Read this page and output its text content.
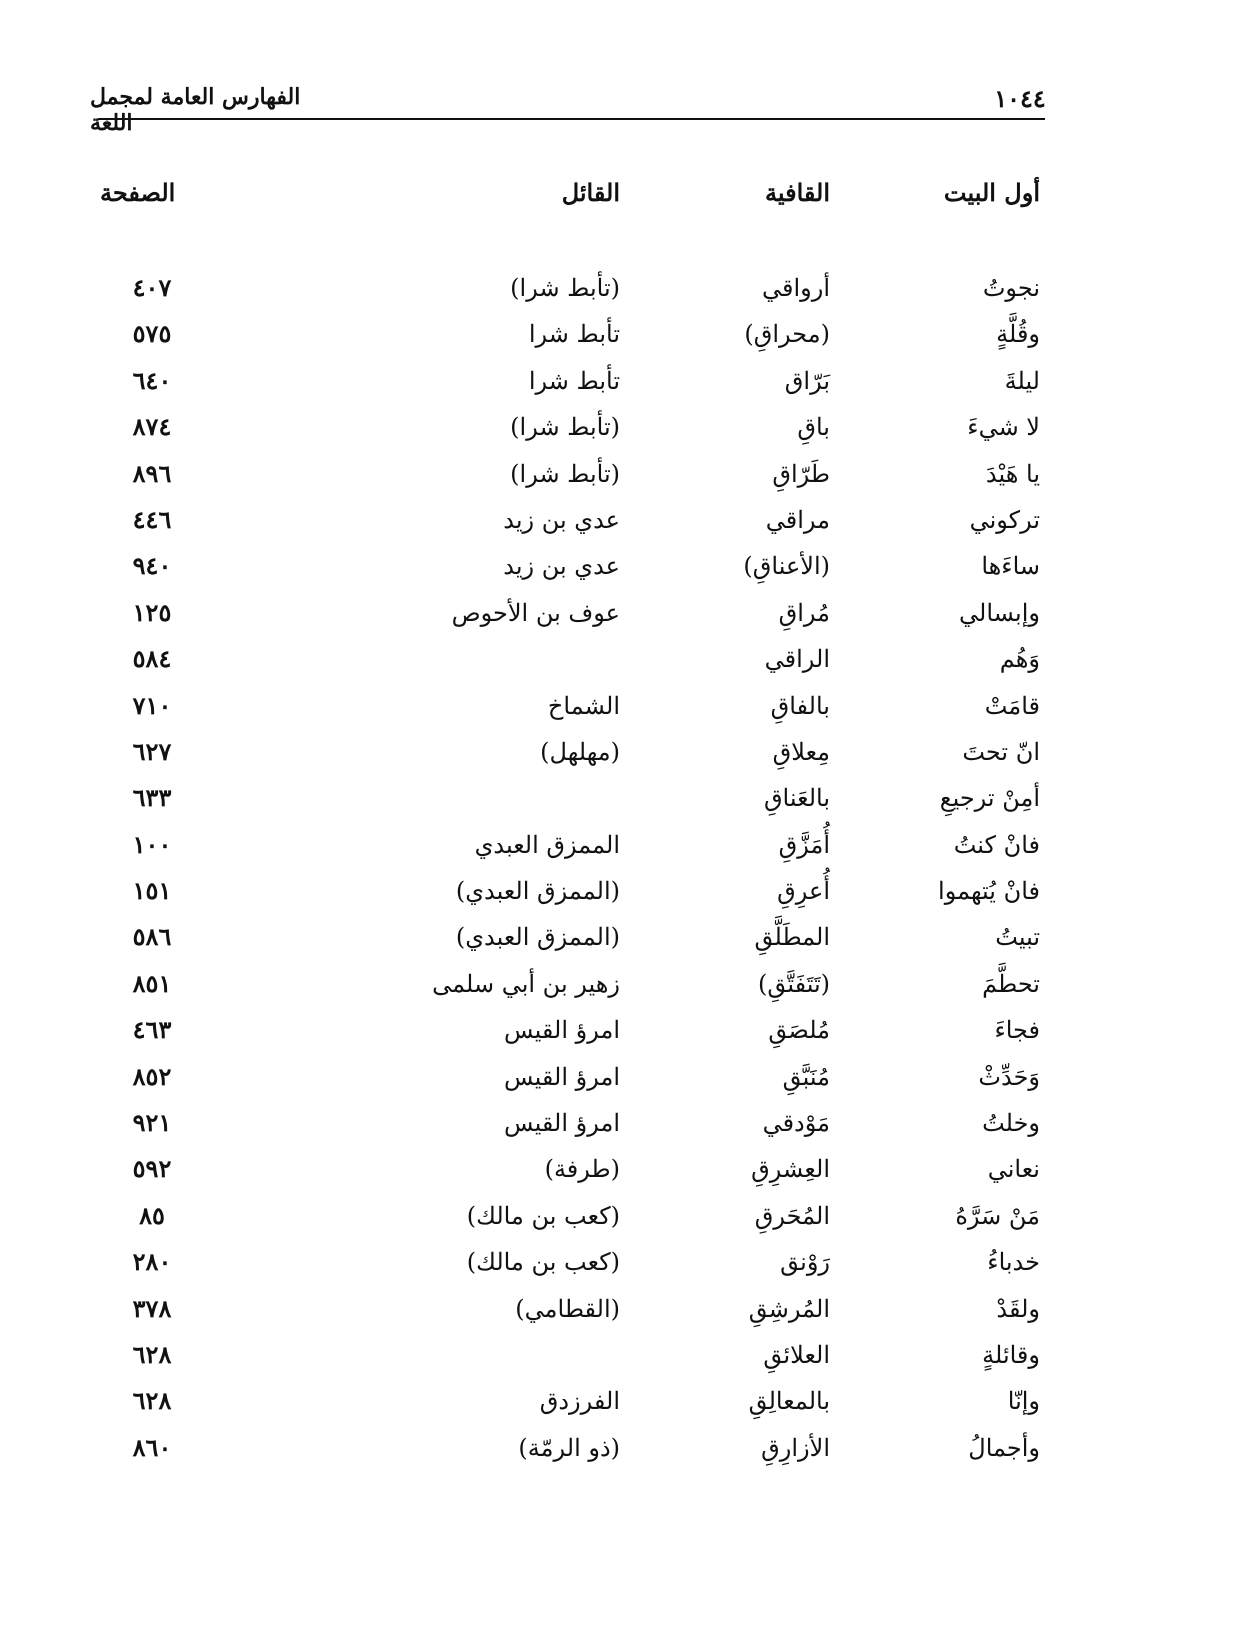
١٠٤٤
الفهارس العامة لمجمل اللغة
أول البيت
القافية
القائل
الصفحة
نجوتُ
أرواقي
(تأبط شرا)
٤٠٧
وقُلَّةٍ
(محراقِ)
تأبط شرا
٥٧٥
ليلةَ
بَرّاق
تأبط شرا
٦٤٠
لا شيءَ
باقِ
(تأبط شرا)
٨٧٤
يا هَيْدَ
طَرّاقِ
(تأبط شرا)
٨٩٦
تركوني
مراقي
عدي بن زيد
٤٤٦
ساءَها
(الأعناقِ)
عدي بن زيد
٩٤٠
وإبسالي
مُراقِ
عوف بن الأحوص
١٢٥
وَهُم
الراقي
٥٨٤
قامَتْ
بالفاقِ
الشماخ
٧١٠
انّ تحتَ
مِعلاقِ
(مهلهل)
٦٢٧
أمِنْ ترجيعِ
بالعَناقِ
٦٣٣
فانْ كنتُ
أُمَزَّقِ
الممزق العبدي
١٠٠
فانْ يُتهموا
أُعرِقِ
(الممزق العبدي)
١٥١
تبيتُ
المطَلَّقِ
(الممزق العبدي)
٥٨٦
تحطَّمَ
(تَتَفَتَّقِ)
زهير بن أبي سلمى
٨٥١
فجاءَ
مُلصَقِ
امرؤ القيس
٤٦٣
وَحَدِّثْ
مُنَبَّقِ
امرؤ القيس
٨٥٢
وخلتُ
مَوْدقي
امرؤ القيس
٩٢١
نعاني
العِشرِقِ
(طرفة)
٥٩٢
مَنْ سَرَّهُ
المُحَرقِ
(كعب بن مالك)
٨٥
خدباءُ
رَوْنق
(كعب بن مالك)
٢٨٠
ولقَدْ
المُرشِقِ
(القطامي)
٣٧٨
وقائلةٍ
العلائقِ
٦٢٨
وإنّا
بالمعالِقِ
الفرزدق
٦٢٨
وأجمالُ
الأزارِقِ
(ذو الرمّة)
٨٦٠
